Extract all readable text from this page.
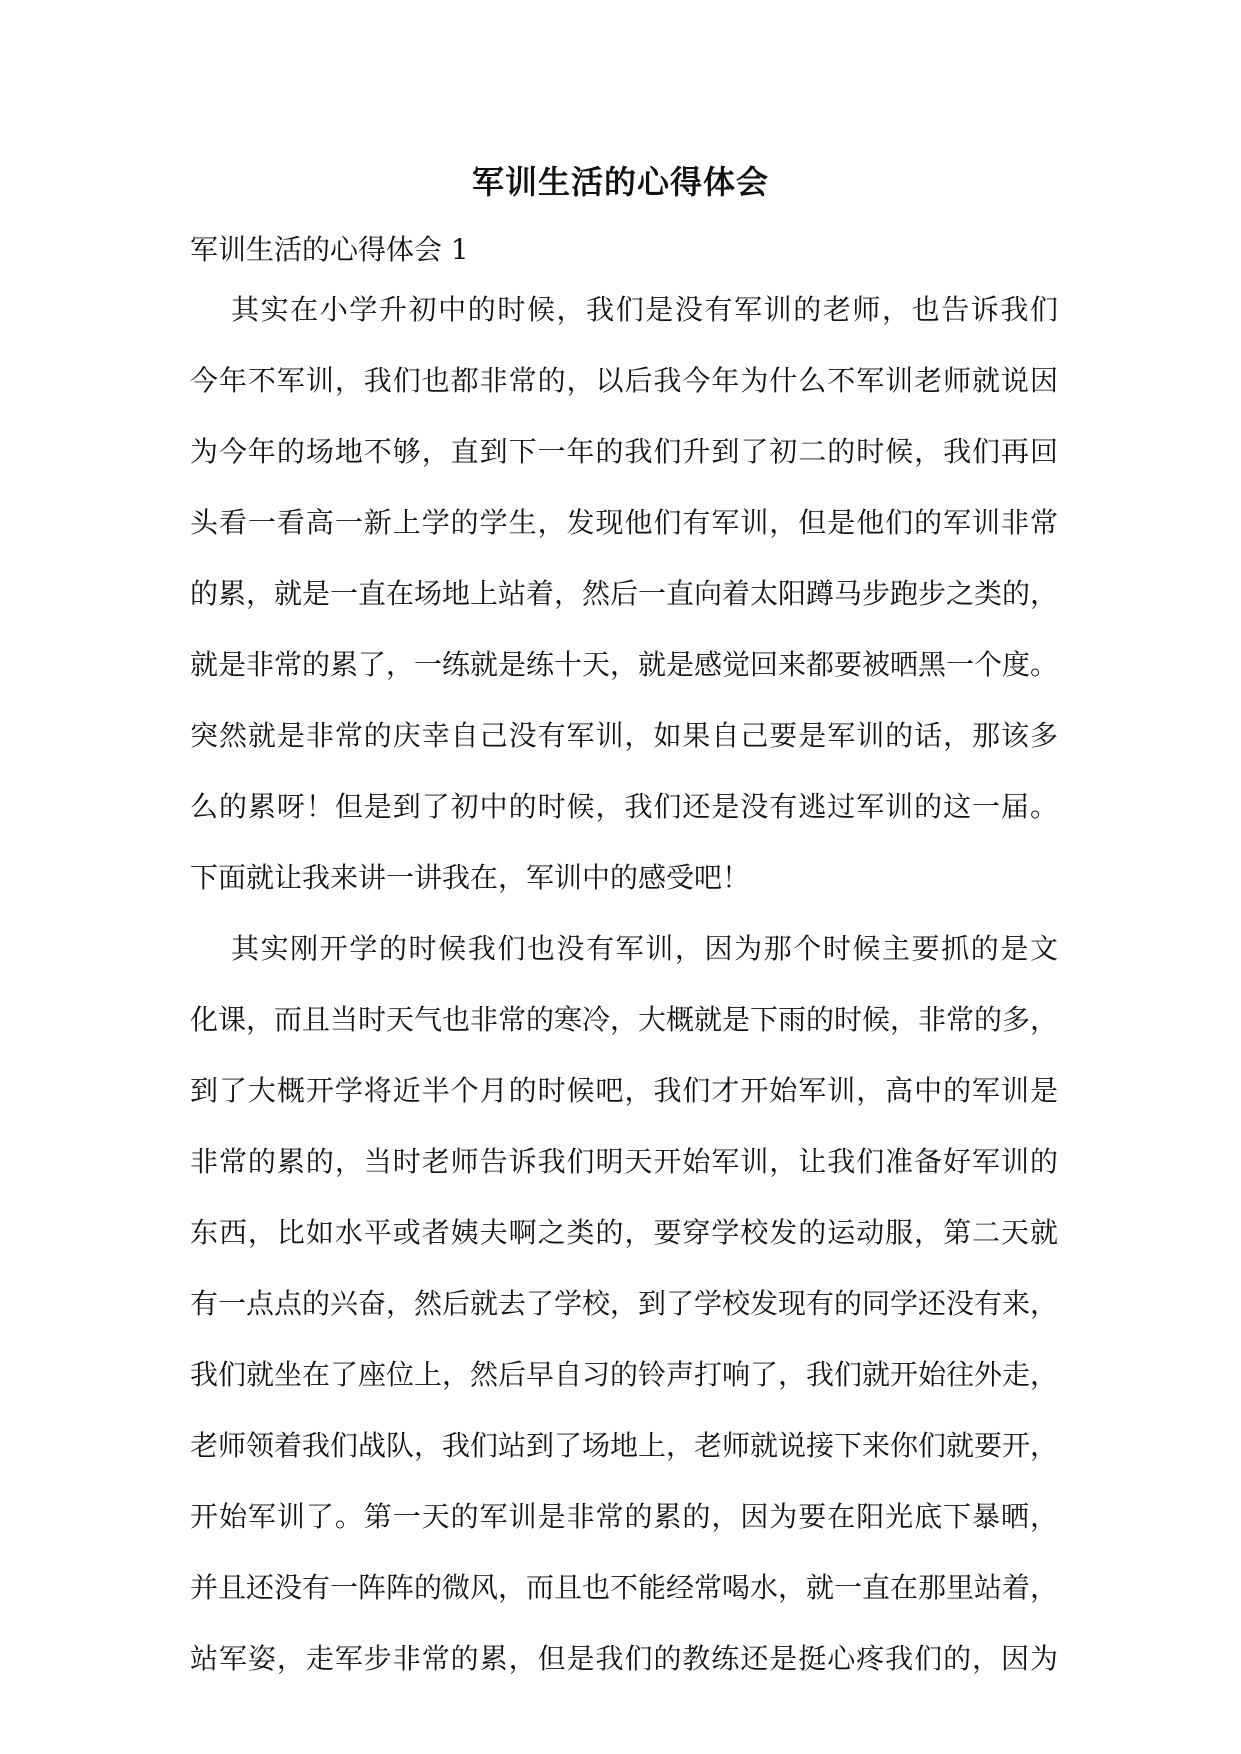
军训生活的心得体会
军训生活的心得体会 1
其实在小学升初中的时候，我们是没有军训的老师，也告诉我们
今年不军训，我们也都非常的，以后我今年为什么不军训老师就说因
为今年的场地不够，直到下一年的我们升到了初二的时候，我们再回
头看一看高一新上学的学生，发现他们有军训，但是他们的军训非常
的累，就是一直在场地上站着，然后一直向着太阳蹲马步跑步之类的，
就是非常的累了，一练就是练十天，就是感觉回来都要被晒黑一个度。
突然就是非常的庆幸自己没有军训，如果自己要是军训的话，那该多
么的累呀！但是到了初中的时候，我们还是没有逃过军训的这一届。
下面就让我来讲一讲我在，军训中的感受吧！
其实刚开学的时候我们也没有军训，因为那个时候主要抓的是文
化课，而且当时天气也非常的寒冷，大概就是下雨的时候，非常的多，
到了大概开学将近半个月的时候吧，我们才开始军训，高中的军训是
非常的累的，当时老师告诉我们明天开始军训，让我们准备好军训的
东西，比如水平或者姨夫啊之类的，要穿学校发的运动服，第二天就
有一点点的兴奋，然后就去了学校，到了学校发现有的同学还没有来，
我们就坐在了座位上，然后早自习的铃声打响了，我们就开始往外走，
老师领着我们战队，我们站到了场地上，老师就说接下来你们就要开，
开始军训了。第一天的军训是非常的累的，因为要在阳光底下暴晒，
并且还没有一阵阵的微风，而且也不能经常喝水，就一直在那里站着，
站军姿，走军步非常的累，但是我们的教练还是挺心疼我们的，因为
